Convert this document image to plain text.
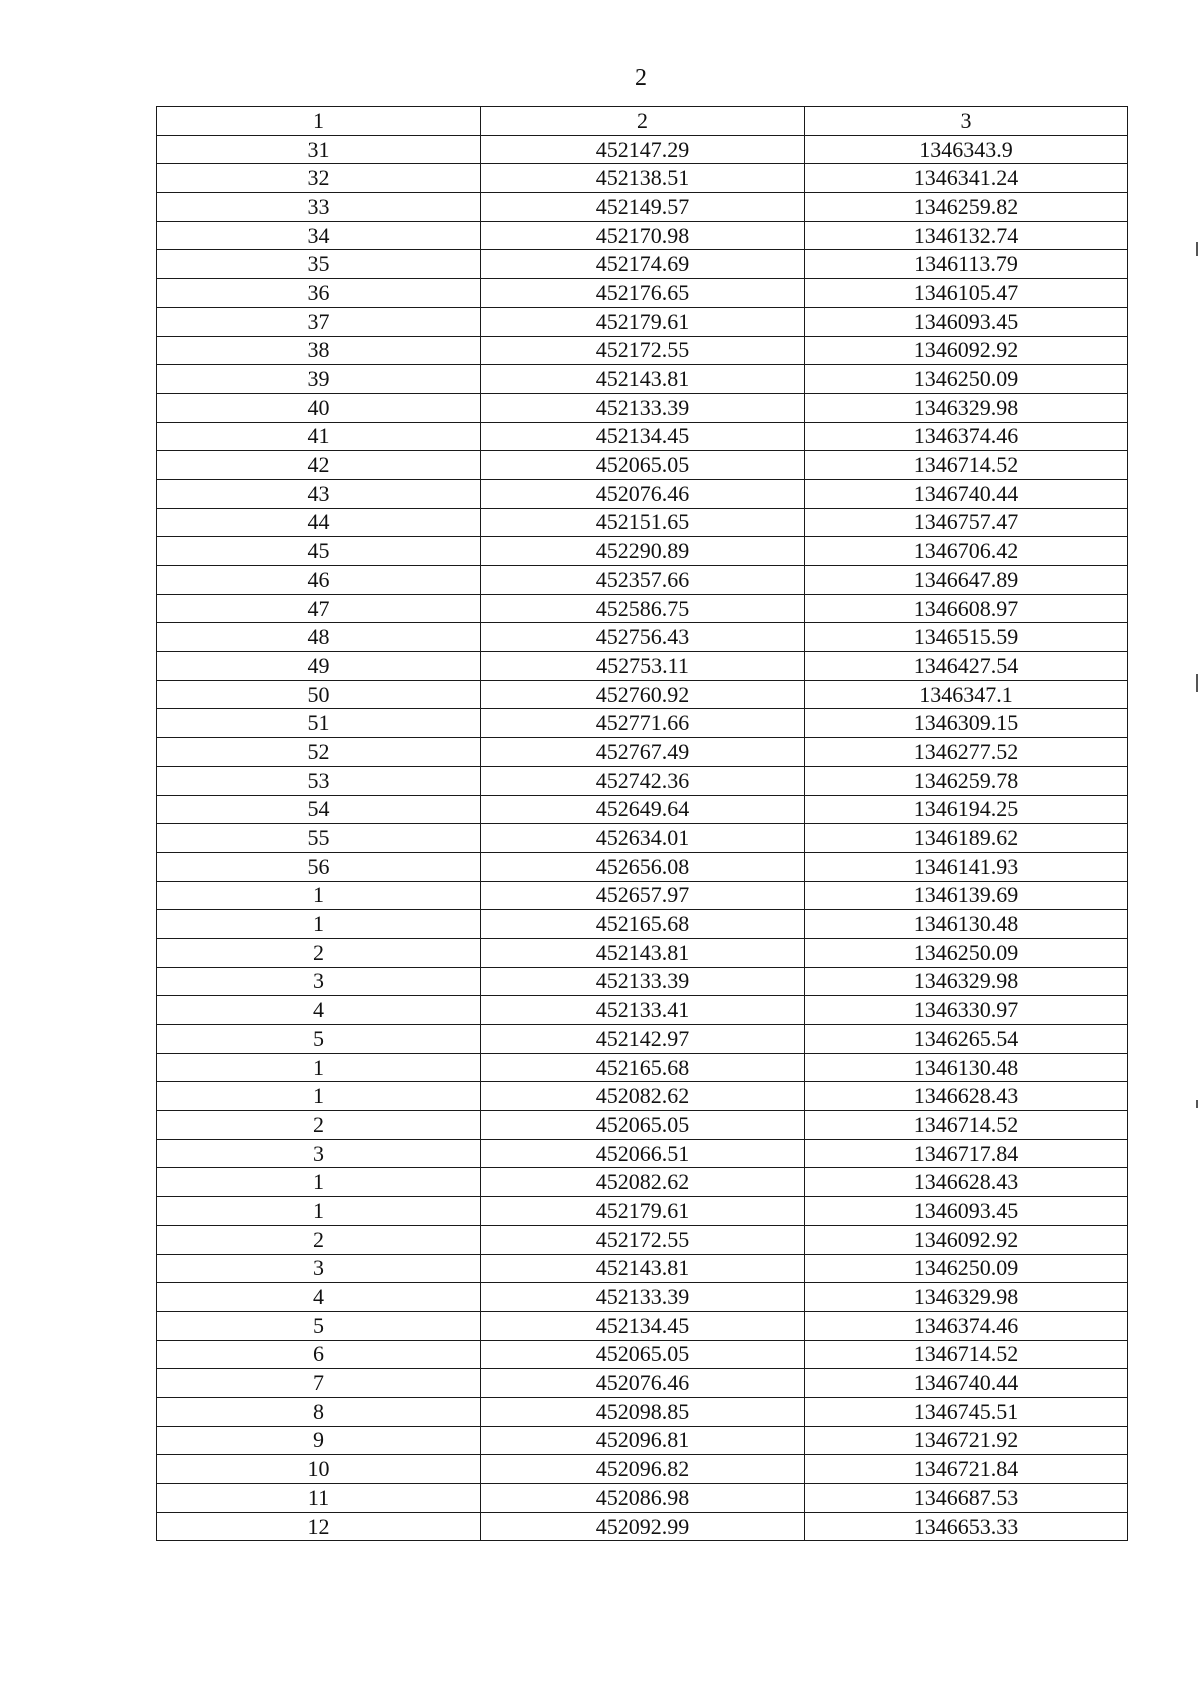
2
1	2	3
31	452147.29	1346343.9
32	452138.51	1346341.24
33	452149.57	1346259.82
34	452170.98	1346132.74
35	452174.69	1346113.79
36	452176.65	1346105.47
37	452179.61	1346093.45
38	452172.55	1346092.92
39	452143.81	1346250.09
40	452133.39	1346329.98
41	452134.45	1346374.46
42	452065.05	1346714.52
43	452076.46	1346740.44
44	452151.65	1346757.47
45	452290.89	1346706.42
46	452357.66	1346647.89
47	452586.75	1346608.97
48	452756.43	1346515.59
49	452753.11	1346427.54
50	452760.92	1346347.1
51	452771.66	1346309.15
52	452767.49	1346277.52
53	452742.36	1346259.78
54	452649.64	1346194.25
55	452634.01	1346189.62
56	452656.08	1346141.93
1	452657.97	1346139.69
1	452165.68	1346130.48
2	452143.81	1346250.09
3	452133.39	1346329.98
4	452133.41	1346330.97
5	452142.97	1346265.54
1	452165.68	1346130.48
1	452082.62	1346628.43
2	452065.05	1346714.52
3	452066.51	1346717.84
1	452082.62	1346628.43
1	452179.61	1346093.45
2	452172.55	1346092.92
3	452143.81	1346250.09
4	452133.39	1346329.98
5	452134.45	1346374.46
6	452065.05	1346714.52
7	452076.46	1346740.44
8	452098.85	1346745.51
9	452096.81	1346721.92
10	452096.82	1346721.84
11	452086.98	1346687.53
12	452092.99	1346653.33
